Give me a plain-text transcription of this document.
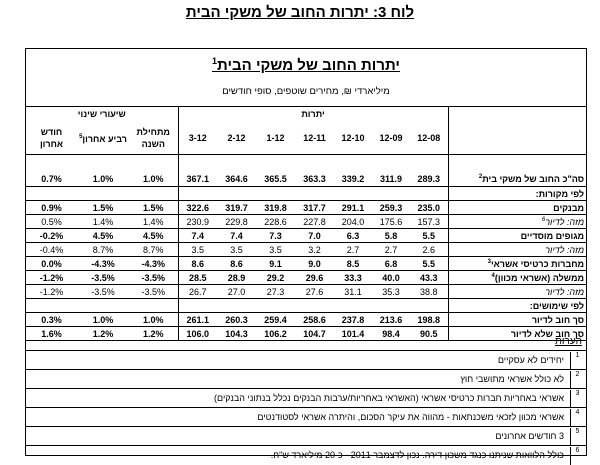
לוח 3: יתרות החוב של משקי הבית
יתרות החוב של משקי הבית$^1$
מיליארדי ₪, מחירים שוטפים, סופי חודשים
שיעורי שינוי			יתרות							
חודש אחרון	רביע אחרון$^5$	מתחילת השנה	3-12	2-12	1-12	12-11	12-10	12-09	12-08	

0.7%	1.0%	1.0%	367.1	364.6	365.5	363.3	339.2	311.9	289.3	סה"כ החוב של משקי בית$^2$
										לפי מקורות:
0.9%	1.5%	1.5%	322.6	319.7	319.8	317.7	291.1	259.3	235.0	מבנקים
0.5%	1.4%	1.4%	230.9	229.8	228.6	227.8	204.0	175.6	157.3	מזה: לדיור$^6$
-0.2%	4.5%	4.5%	7.4	7.4	7.3	7.0	6.3	5.8	5.5	מגופים מוסדיים
-0.4%	8.7%	8.7%	3.5	3.5	3.5	3.2	2.7	2.7	2.6	מזה: לדיור
0.0%	-4.3%	-4.3%	8.6	8.6	9.1	9.0	8.5	6.8	5.5	מחברות כרטיסי אשראי$^3$
-1.2%	-3.5%	-3.5%	28.5	28.9	29.2	29.6	33.3	40.0	43.3	ממשלה (אשראי מכוון)$^4$
-1.2%	-3.5%	-3.5%	26.7	27.0	27.3	27.6	31.1	35.3	38.8	מזה: לדיור
										לפי שימושים:
0.3%	1.0%	1.0%	261.1	260.3	259.4	258.6	237.8	213.6	198.8	סך חוב לדיור
1.6%	1.2%	1.2%	106.0	104.3	106.2	104.7	101.4	98.4	90.5	סך חוב שלא לדיור
הערות
1
יחידים לא עסקיים
2
לא כולל אשראי מתושבי חוץ
3
אשראי באחריות חברות כרטיסי אשראי (האשראי באחריות/ערבות הבנקים נכלל בנתוני הבנקים)
4
אשראי מכוון לזכאי משכנתאות - מהווה את עיקר הסכום, והיתרה אשראי לסטודנטים
5
3 חודשים אחרונים
6
כולל הלוואות שניתנו כנגד משכון דירה. נכון לדצמבר 2011 - כ-20 מיליארד ש"ח.
